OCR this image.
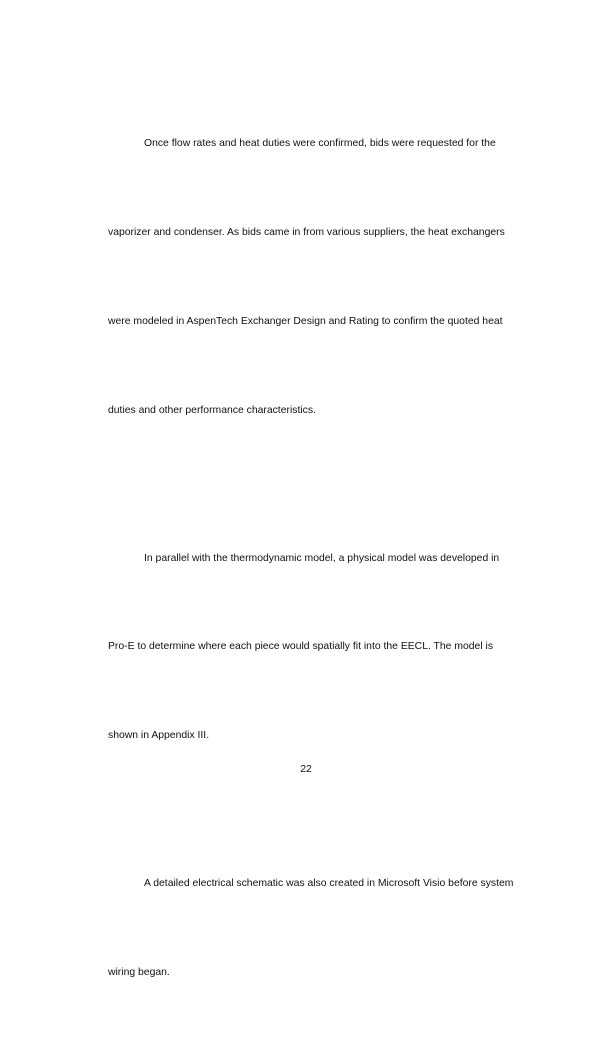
Once flow rates and heat duties were confirmed, bids were requested for the

vaporizer and condenser. As bids came in from various suppliers, the heat exchangers

were modeled in AspenTech Exchanger Design and Rating to confirm the quoted heat

duties and other performance characteristics.

In parallel with the thermodynamic model, a physical model was developed in

Pro-E to determine where each piece would spatially fit into the EECL. The model is

shown in Appendix III.

A detailed electrical schematic was also created in Microsoft Visio before system

wiring began.

22
